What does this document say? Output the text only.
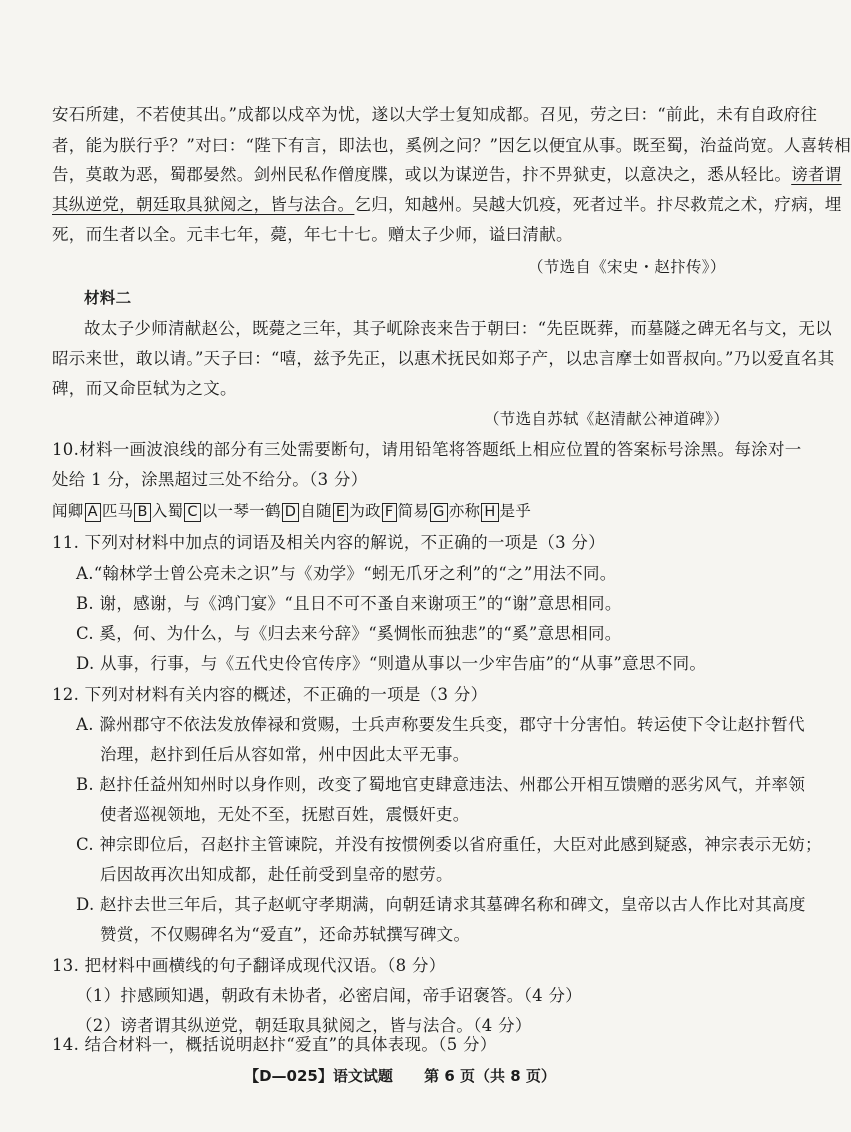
安石所建，不若使其出。”成都以戍卒为忧，遂以大学士复知成都。召见，劳之曰：“前此，未有自政府往
者，能为朕行乎？”对曰：“陛下有言，即法也，奚例之问？”因乞以便宜从事。既至蜀，治益尚宽。人喜转相
告，莫敢为恶，蜀郡晏然。剑州民私作僧度牒，或以为谋逆告，抃不畀狱吏，以意决之，悉从轻比。谤者谓
其纵逆党，朝廷取具狱阅之，皆与法合。乞归，知越州。吴越大饥疫，死者过半。抃尽救荒之术，疗病，埋
死，而生者以全。元丰七年，薨，年七十七。赠太子少师，谥曰清献。
（节选自《宋史・赵抃传》）
材料二
故太子少师清献赵公，既薨之三年，其子屼除丧来告于朝曰：“先臣既葬，而墓隧之碑无名与文，无以
昭示来世，敢以请。”天子曰：“嘻，兹予先正，以惠术抚民如郑子产，以忠言摩士如晋叔向。”乃以爱直名其
碑，而又命臣轼为之文。
（节选自苏轼《赵清献公神道碑》）
10.材料一画波浪线的部分有三处需要断句，请用铅笔将答题纸上相应位置的答案标号涂黑。每涂对一
处给 1 分，涂黑超过三处不给分。（3 分）
闻卿 A 匹马 B 入蜀 C 以一琴一鹤 D 自随 E 为政 F 简易 G 亦称 H 是乎
11. 下列对材料中加点的词语及相关内容的解说，不正确的一项是（3 分）
A.“翰林学士曾公亮未之识”与《劝学》“蚓无爪牙之利”的“之”用法不同。
B. 谢，感谢，与《鸿门宴》“且日不可不蚤自来谢项王”的“谢”意思相同。
C. 奚，何、为什么，与《归去来兮辞》“奚惆怅而独悲”的“奚”意思相同。
D. 从事，行事，与《五代史伶官传序》“则遣从事以一少牢告庙”的“从事”意思不同。
12. 下列对材料有关内容的概述，不正确的一项是（3 分）
A. 滁州郡守不依法发放俸禄和赏赐，士兵声称要发生兵变，郡守十分害怕。转运使下令让赵抃暂代
治理，赵抃到任后从容如常，州中因此太平无事。
B. 赵抃任益州知州时以身作则，改变了蜀地官吏肆意违法、州郡公开相互馈赠的恶劣风气，并率领
使者巡视领地，无处不至，抚慰百姓，震慑奸吏。
C. 神宗即位后，召赵抃主管谏院，并没有按惯例委以省府重任，大臣对此感到疑惑，神宗表示无妨；
后因故再次出知成都，赴任前受到皇帝的慰劳。
D. 赵抃去世三年后，其子赵屼守孝期满，向朝廷请求其墓碑名称和碑文，皇帝以古人作比对其高度
赞赏，不仅赐碑名为“爱直”，还命苏轼撰写碑文。
13. 把材料中画横线的句子翻译成现代汉语。（8 分）
（1）抃感顾知遇，朝政有未协者，必密启闻，帝手诏褒答。（4 分）
（2）谤者谓其纵逆党，朝廷取具狱阅之，皆与法合。（4 分）
14. 结合材料一，概括说明赵抃“爱直”的具体表现。（5 分）
【D—025】语文试题 第 6 页（共 8 页）
